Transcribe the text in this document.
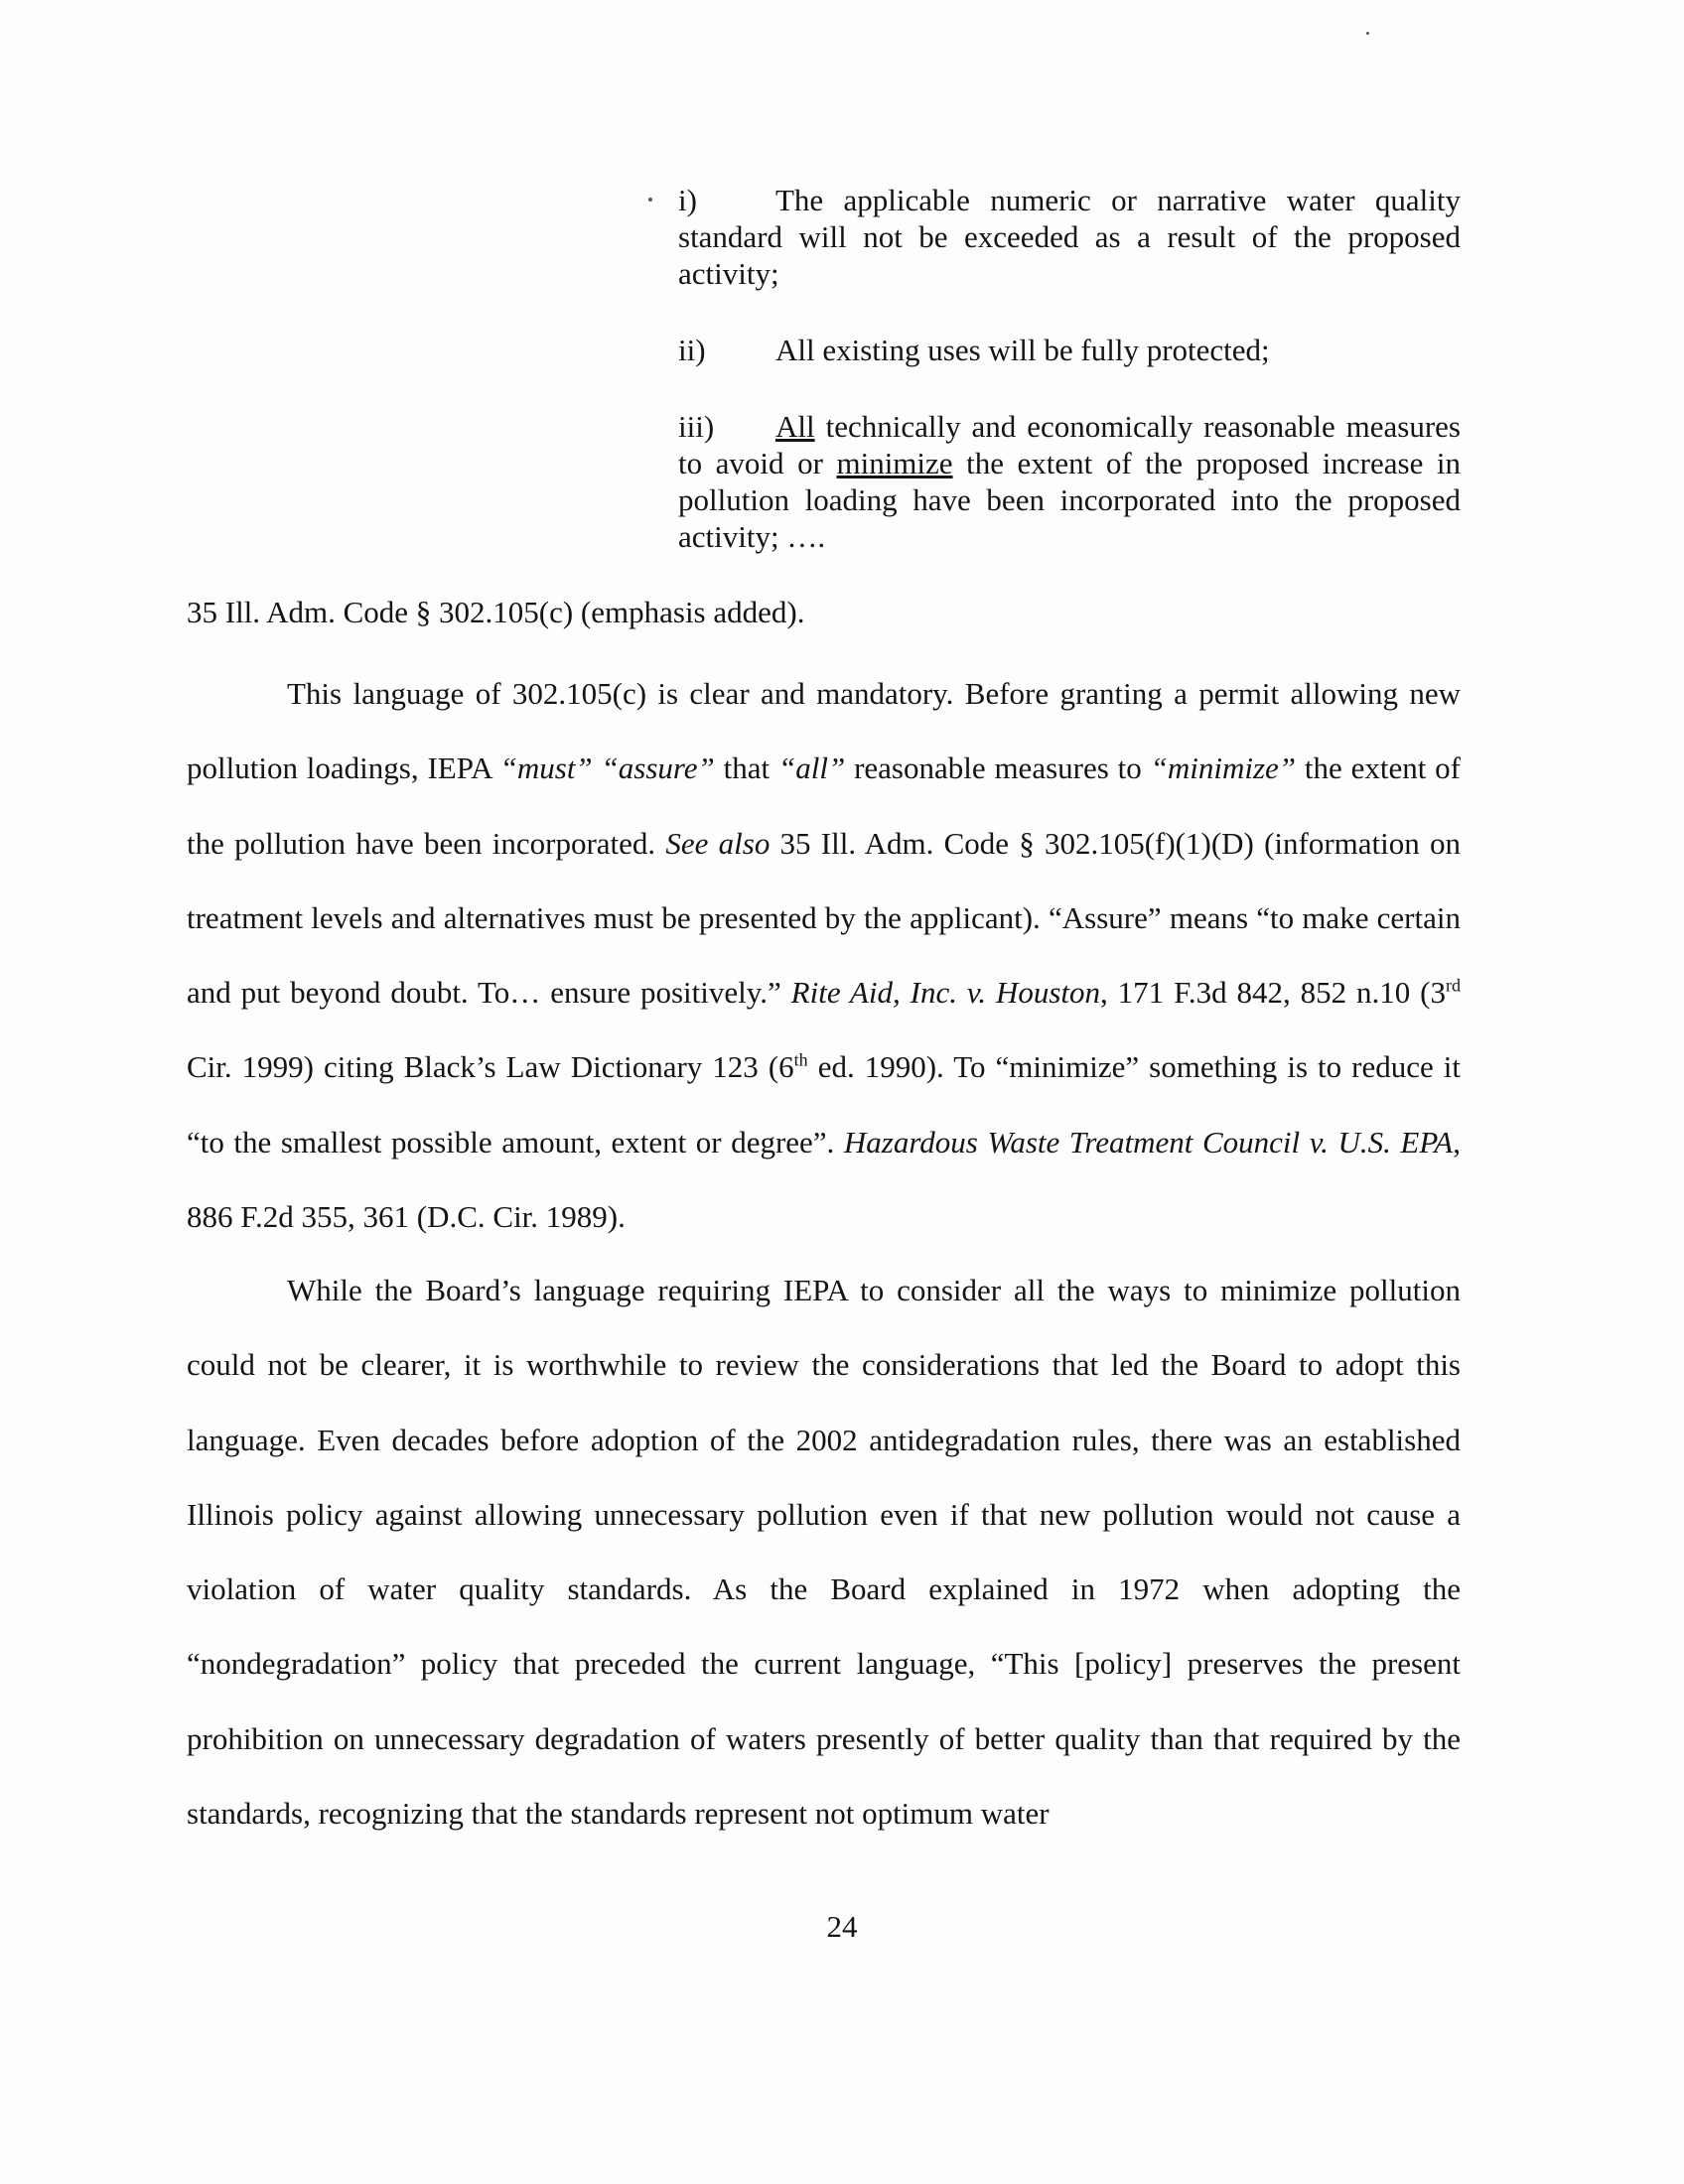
i)	The applicable numeric or narrative water quality standard will not be exceeded as a result of the proposed activity;
ii) All existing uses will be fully protected;
iii) All technically and economically reasonable measures to avoid or minimize the extent of the proposed increase in pollution loading have been incorporated into the proposed activity; ….
35 Ill. Adm. Code § 302.105(c) (emphasis added).

This language of 302.105(c) is clear and mandatory. Before granting a permit allowing new pollution loadings, IEPA “must” “assure” that “all” reasonable measures to “minimize” the extent of the pollution have been incorporated. See also 35 Ill. Adm. Code § 302.105(f)(1)(D) (information on treatment levels and alternatives must be presented by the applicant). “Assure” means “to make certain and put beyond doubt. To… ensure positively.” Rite Aid, Inc. v. Houston, 171 F.3d 842, 852 n.10 (3rd Cir. 1999) citing Black’s Law Dictionary 123 (6th ed. 1990). To “minimize” something is to reduce it “to the smallest possible amount, extent or degree”. Hazardous Waste Treatment Council v. U.S. EPA, 886 F.2d 355, 361 (D.C. Cir. 1989).

While the Board’s language requiring IEPA to consider all the ways to minimize pollution could not be clearer, it is worthwhile to review the considerations that led the Board to adopt this language. Even decades before adoption of the 2002 antidegradation rules, there was an established Illinois policy against allowing unnecessary pollution even if that new pollution would not cause a violation of water quality standards. As the Board explained in 1972 when adopting the “nondegradation” policy that preceded the current language, “This [policy] preserves the present prohibition on unnecessary degradation of waters presently of better quality than that required by the standards, recognizing that the standards represent not optimum water

24
